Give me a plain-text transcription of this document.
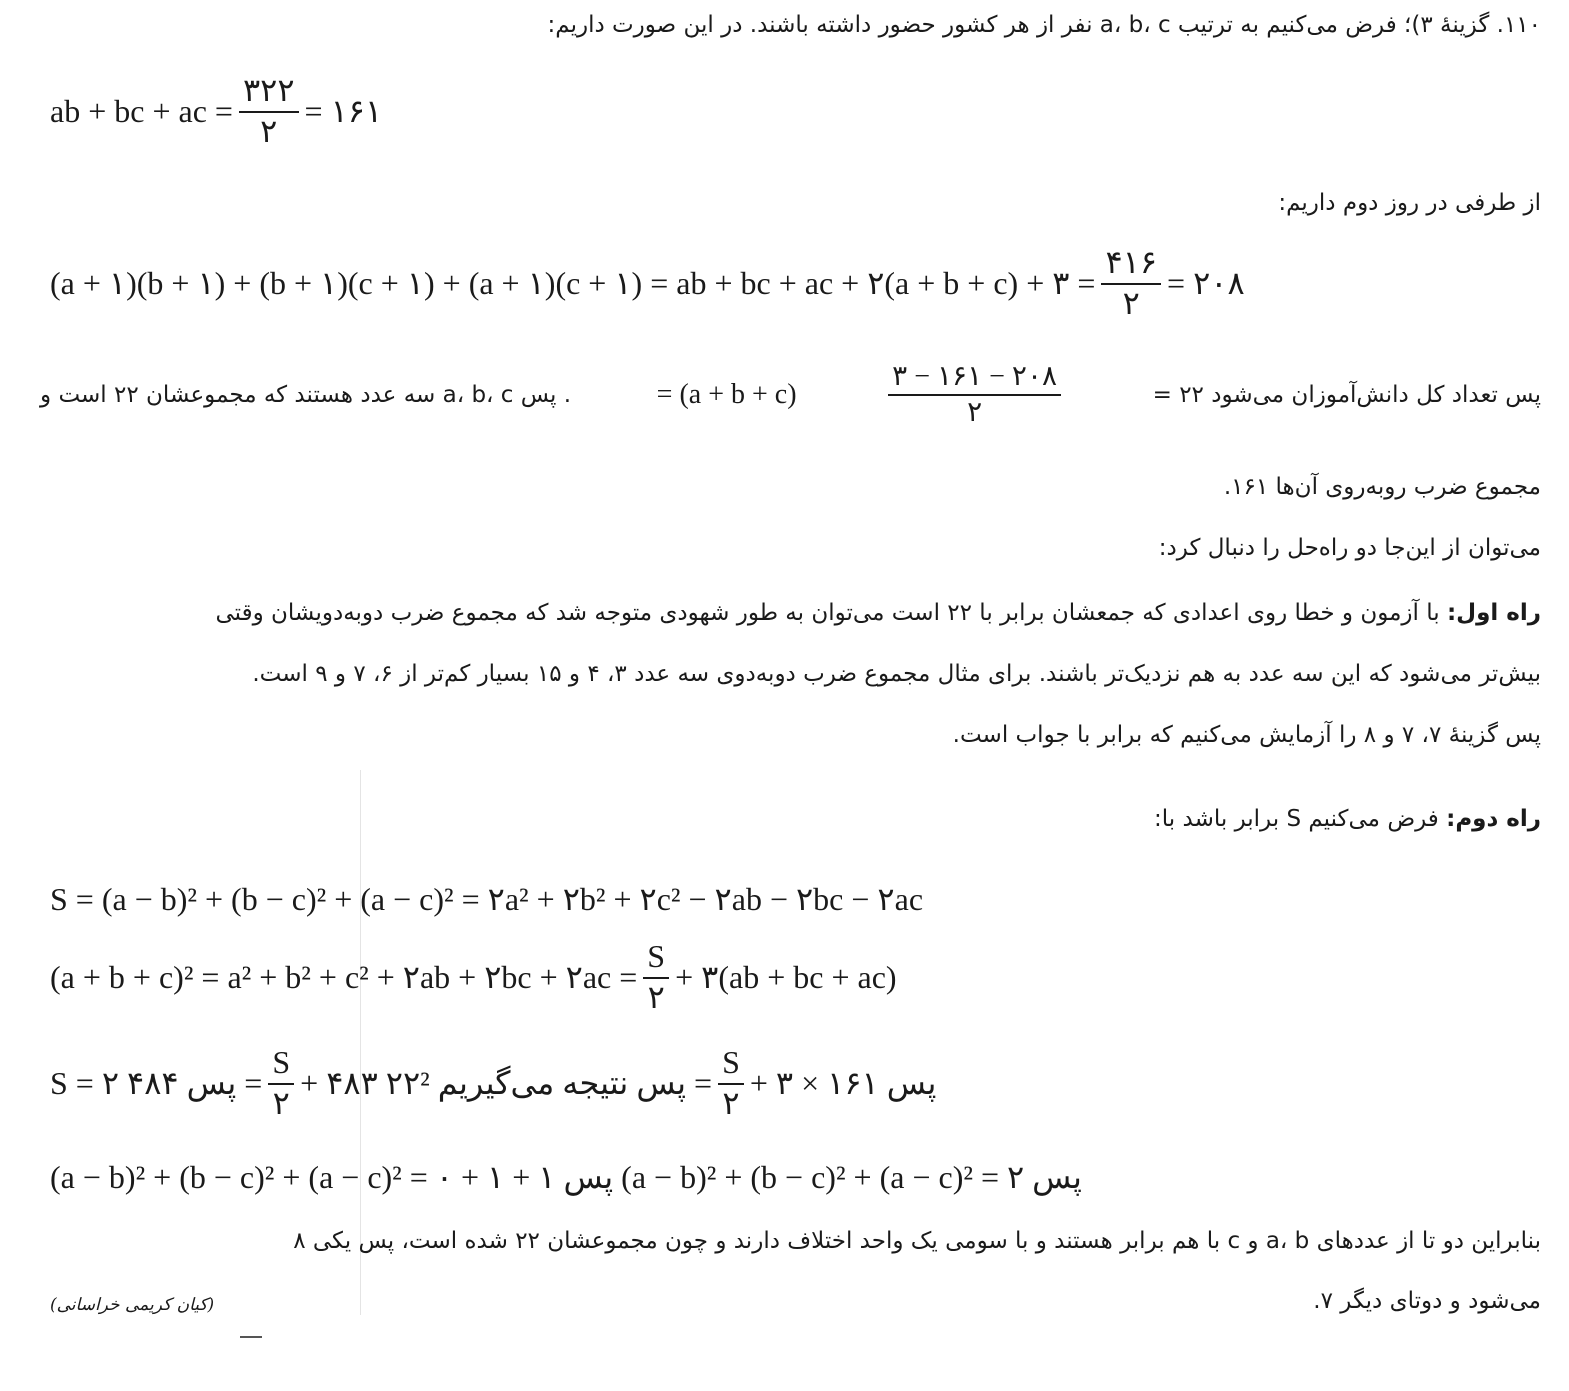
۱۱۰. گزینهٔ ۳)؛ فرض می‌کنیم به ترتیب a، b، c نفر از هر کشور حضور داشته باشند. در این صورت داریم:
ab + bc + ac = $\frac{۳۲۲}{۲}$ = ۱۶۱
از طرفی در روز دوم داریم:
(a + ۱)(b + ۱) + (b + ۱)(c + ۱) + (a + ۱)(c + ۱) = ab + bc + ac + ۲(a + b + c) + ۳ = $\frac{۴۱۶}{۲}$ = ۲۰۸
پس تعداد کل دانش‌آموزان می‌شود ۲۲ =
$\frac{۲۰۸ - ۱۶۱ - ۳}{۲}$
= (a + b + c)
. پس a، b، c سه عدد هستند که مجموعشان ۲۲ است و
مجموع ضرب روبه‌روی آن‌ها ۱۶۱.
می‌توان از این‌جا دو راه‌حل را دنبال کرد:
راه اول: با آزمون و خطا روی اعدادی که جمعشان برابر با ۲۲ است می‌توان به طور شهودی متوجه شد که مجموع ضرب دوبه‌دویشان وقتی
بیش‌تر می‌شود که این سه عدد به هم نزدیک‌تر باشند. برای مثال مجموع ضرب دوبه‌دوی سه عدد ۳، ۴ و ۱۵ بسیار کم‌تر از ۶، ۷ و ۹ است.
پس گزینهٔ ۷، ۷ و ۸ را آزمایش می‌کنیم که برابر با جواب است.
راه دوم: فرض می‌کنیم S برابر باشد با:
S = (a − b)² + (b − c)² + (a − c)² = ۲a² + ۲b² + ۲c² − ۲ab − ۲bc − ۲ac
(a + b + c)² = a² + b² + c² + ۲ab + ۲bc + ۲ac = $\frac{S}{۲}$ + ۳(ab + bc + ac)
S = ۲ پس ۴۸۴ = $\frac{S}{۲}$ + ۴۸۳ پس نتیجه می‌گیریم ۲۲² = $\frac{S}{۲}$ + ۳ × ۱۶۱ پس
(a − b)² + (b − c)² + (a − c)² = ۰ + ۱ + ۱ پس (a − b)² + (b − c)² + (a − c)² = ۲ پس
بنابراین دو تا از عددهای a، b و c با هم برابر هستند و با سومی یک واحد اختلاف دارند و چون مجموعشان ۲۲ شده است، پس یکی ۸
می‌شود و دوتای دیگر ۷.
(کیان کریمی خراسانی)
